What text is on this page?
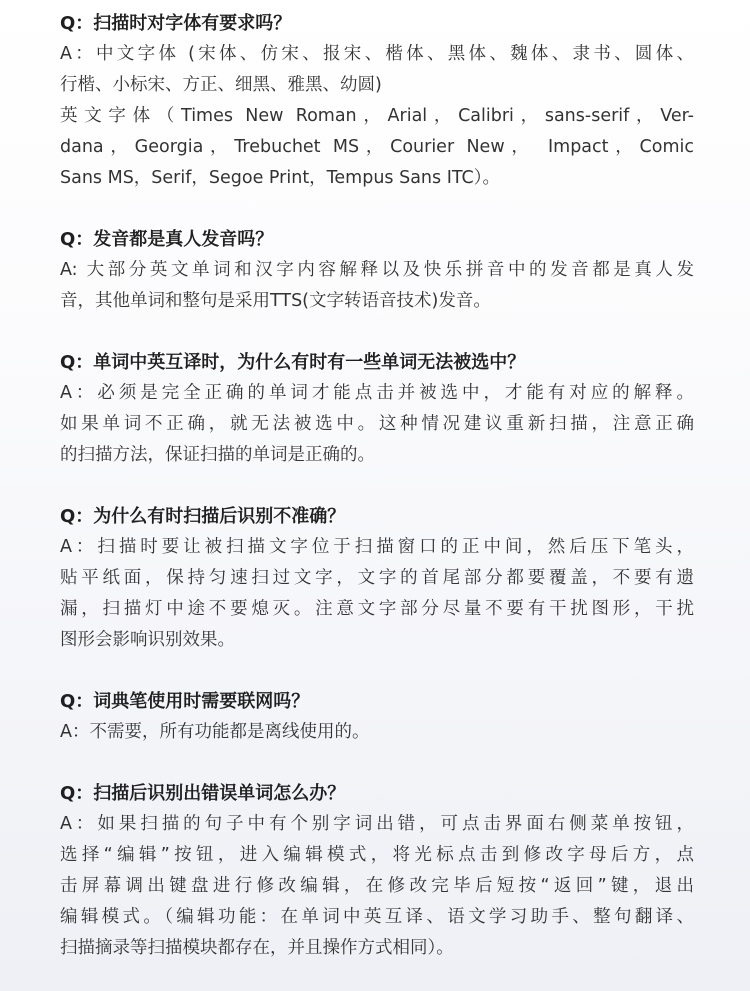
Q：扫描时对字体有要求吗？

A：中文字体 (宋体、仿宋、报宋、楷体、黑体、魏体、隶书、圆体、
行楷、小标宋、方正、细黑、雅黑、幼圆)
英文字体（Times New Roman，Arial，Calibri，sans-serif，Ver-
dana，Georgia，Trebuchet MS，Courier New， Impact，Comic
Sans MS，Serif，Segoe Print，Tempus Sans ITC）。

Q：发音都是真人发音吗？

A: 大部分英文单词和汉字内容解释以及快乐拼音中的发音都是真人发
音，其他单词和整句是采用TTS(文字转语音技术)发音。

Q：单词中英互译时，为什么有时有一些单词无法被选中？

A：必须是完全正确的单词才能点击并被选中，才能有对应的解释。
如果单词不正确，就无法被选中。这种情况建议重新扫描，注意正确
的扫描方法，保证扫描的单词是正确的。

Q：为什么有时扫描后识别不准确？

A：扫描时要让被扫描文字位于扫描窗口的正中间，然后压下笔头，
贴平纸面，保持匀速扫过文字，文字的首尾部分都要覆盖，不要有遗
漏，扫描灯中途不要熄灭。注意文字部分尽量不要有干扰图形，干扰
图形会影响识别效果。

Q：词典笔使用时需要联网吗？

A：不需要，所有功能都是离线使用的。

Q：扫描后识别出错误单词怎么办？

A：如果扫描的句子中有个别字词出错，可点击界面右侧菜单按钮，
选择“编辑”按钮，进入编辑模式，将光标点击到修改字母后方，点
击屏幕调出键盘进行修改编辑，在修改完毕后短按“返回”键，退出
编辑模式。（编辑功能：在单词中英互译、语文学习助手、整句翻译、
扫描摘录等扫描模块都存在，并且操作方式相同）。
